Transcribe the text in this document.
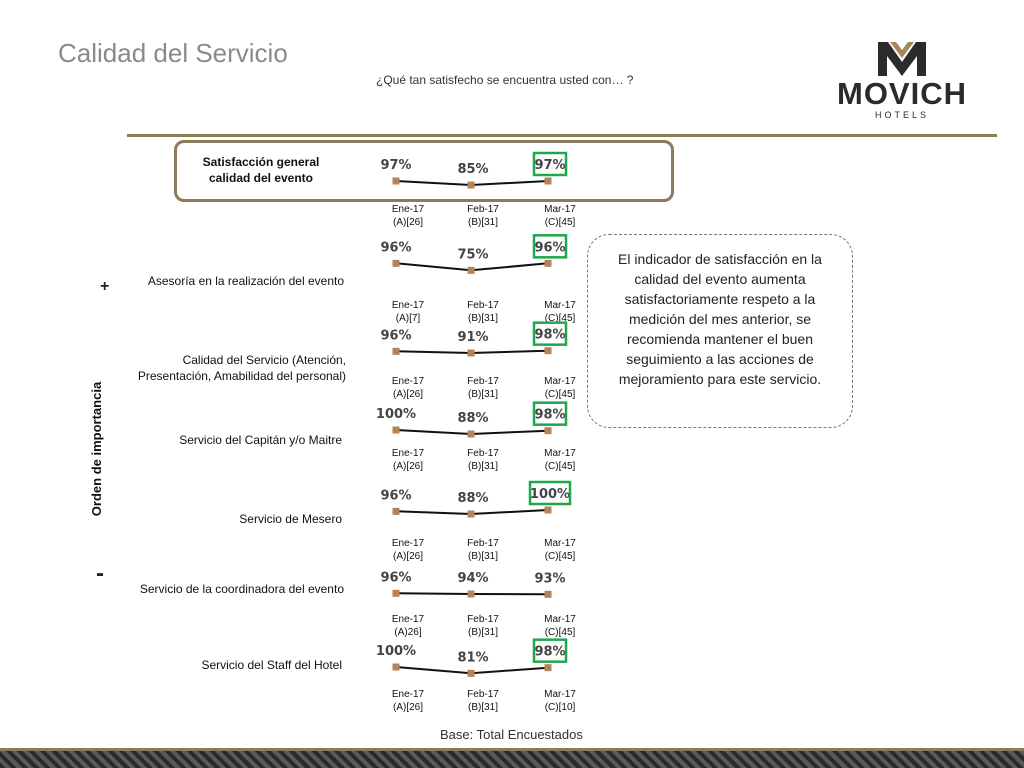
Calidad del Servicio
¿Qué tan satisfecho se encuentra usted con… ?	MOVICH
HOTELS
Satisfacción general calidad del evento
Asesoría en la realización del evento
Calidad del Servicio (Atención, Presentación, Amabilidad del personal)
Servicio del Capitán y/o Maitre
Servicio de Mesero
Servicio de la coordinadora del evento
Servicio del Staff del Hotel
Orden de importancia
+
-
97%
Ene-17
(A)[26]
85%
Feb-17
(B)[31]
97%
Mar-17
(C)[45]
96%
Ene-17
(A)[7]
75%
Feb-17
(B)[31]
96%
Mar-17
(C)[45]
96%
Ene-17
(A)[26]
91%
Feb-17
(B)[31]
98%
Mar-17
(C)[45]
100%
Ene-17
(A)[26]
88%
Feb-17
(B)[31]
98%
Mar-17
(C)[45]
96%
Ene-17
(A)[26]
88%
Feb-17
(B)[31]
100%
Mar-17
(C)[45]
96%
Ene-17
(A)26]
94%
Feb-17
(B)[31]
93%
Mar-17
(C)[45]
100%
Ene-17
(A)[26]
81%
Feb-17
(B)[31]
98%
Mar-17
(C)[10]
El indicador de satisfacción en la calidad del evento aumenta satisfactoriamente respeto a la medición del mes anterior, se recomienda mantener el buen seguimiento a las acciones de mejoramiento para este servicio.
Base: Total Encuestados
